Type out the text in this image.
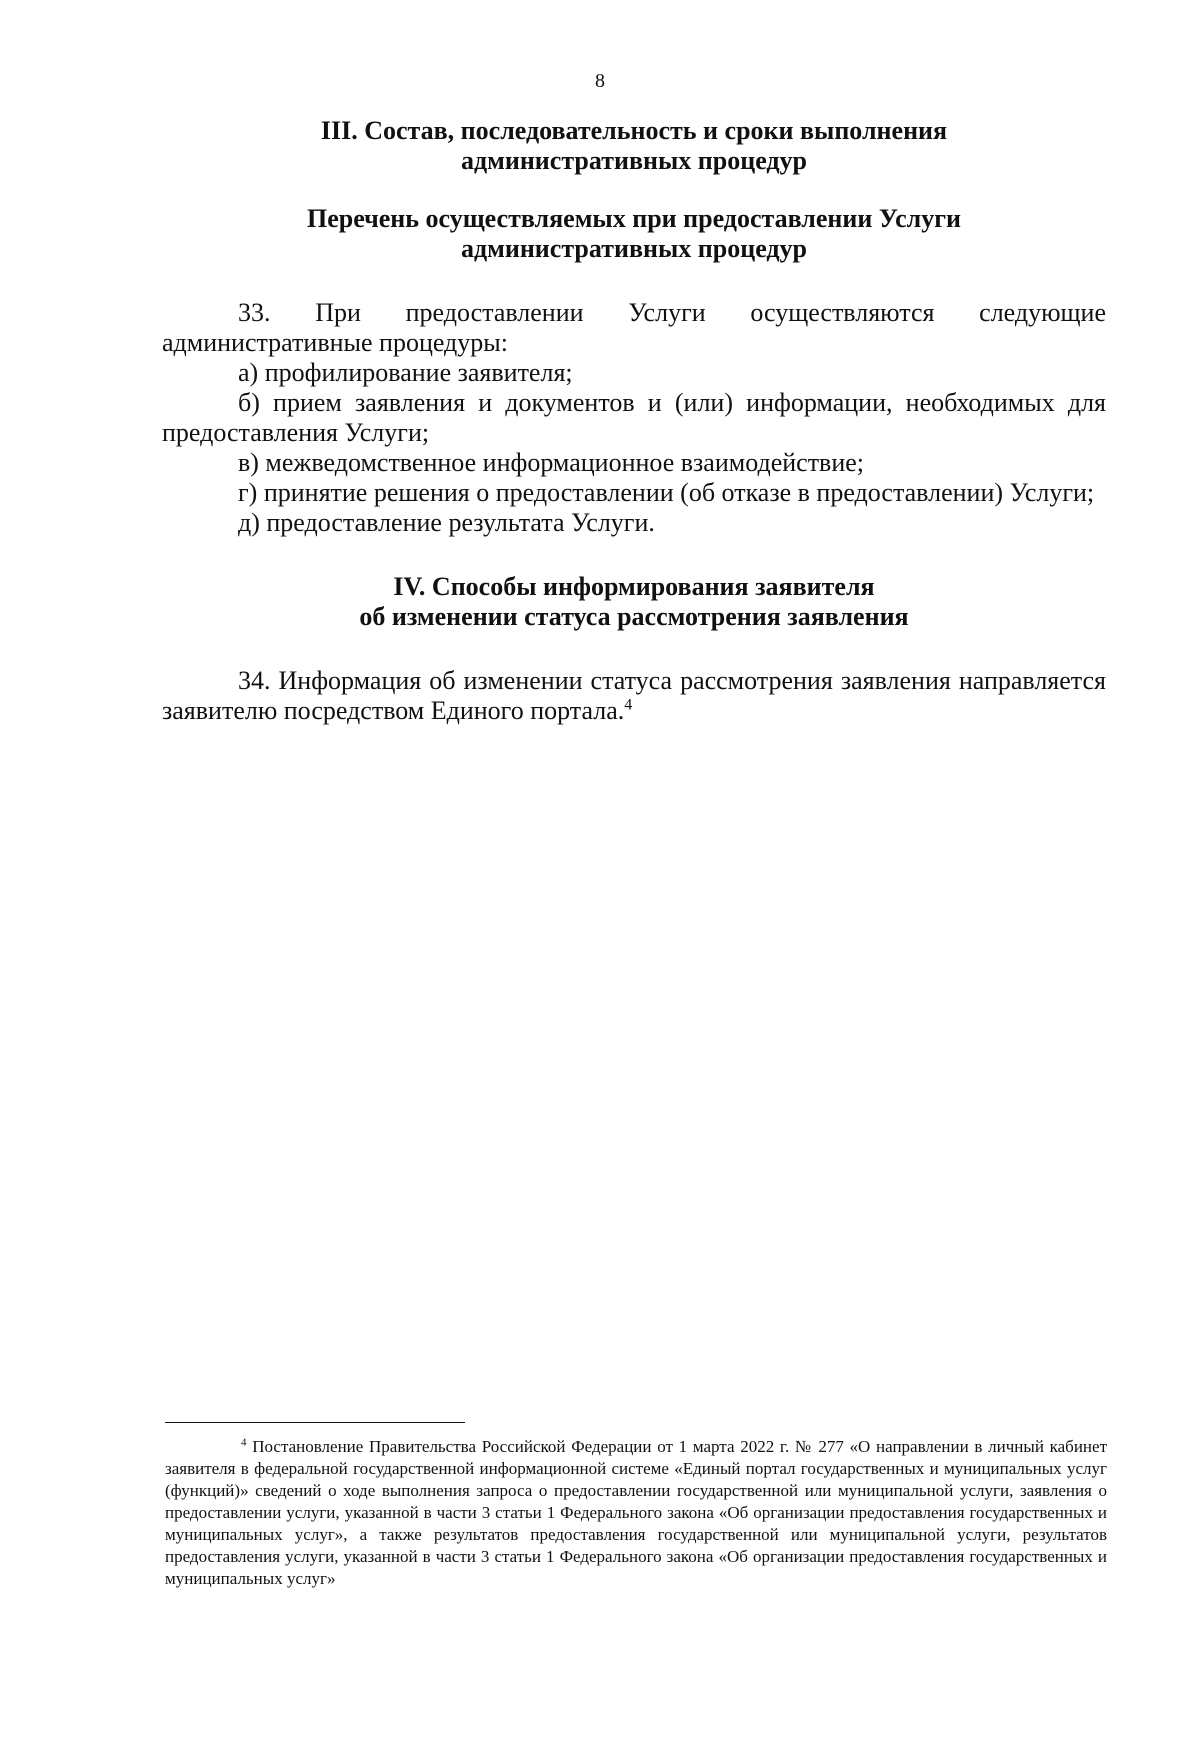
8
III. Состав, последовательность и сроки выполнения
административных процедур
Перечень осуществляемых при предоставлении Услуги
административных процедур

33. При предоставлении Услуги осуществляются следующие административные процедуры:

а) профилирование заявителя;

б) прием заявления и документов и (или) информации, необходимых для предоставления Услуги;

в) межведомственное информационное взаимодействие;

г) принятие решения о предоставлении (об отказе в предоставлении) Услуги;

д) предоставление результата Услуги.

IV. Способы информирования заявителя
об изменении статуса рассмотрения заявления

34. Информация об изменении статуса рассмотрения заявления направляется заявителю посредством Единого портала.$^4$

$^4$ Постановление Правительства Российской Федерации от 1 марта 2022 г. № 277 «О направлении в личный кабинет заявителя в федеральной государственной информационной системе «Единый портал государственных и муниципальных услуг (функций)» сведений о ходе выполнения запроса о предоставлении государственной или муниципальной услуги, заявления о предоставлении услуги, указанной в части 3 статьи 1 Федерального закона «Об организации предоставления государственных и муниципальных услуг», а также результатов предоставления государственной или муниципальной услуги, результатов предоставления услуги, указанной в части 3 статьи 1 Федерального закона «Об организации предоставления государственных и муниципальных услуг»
